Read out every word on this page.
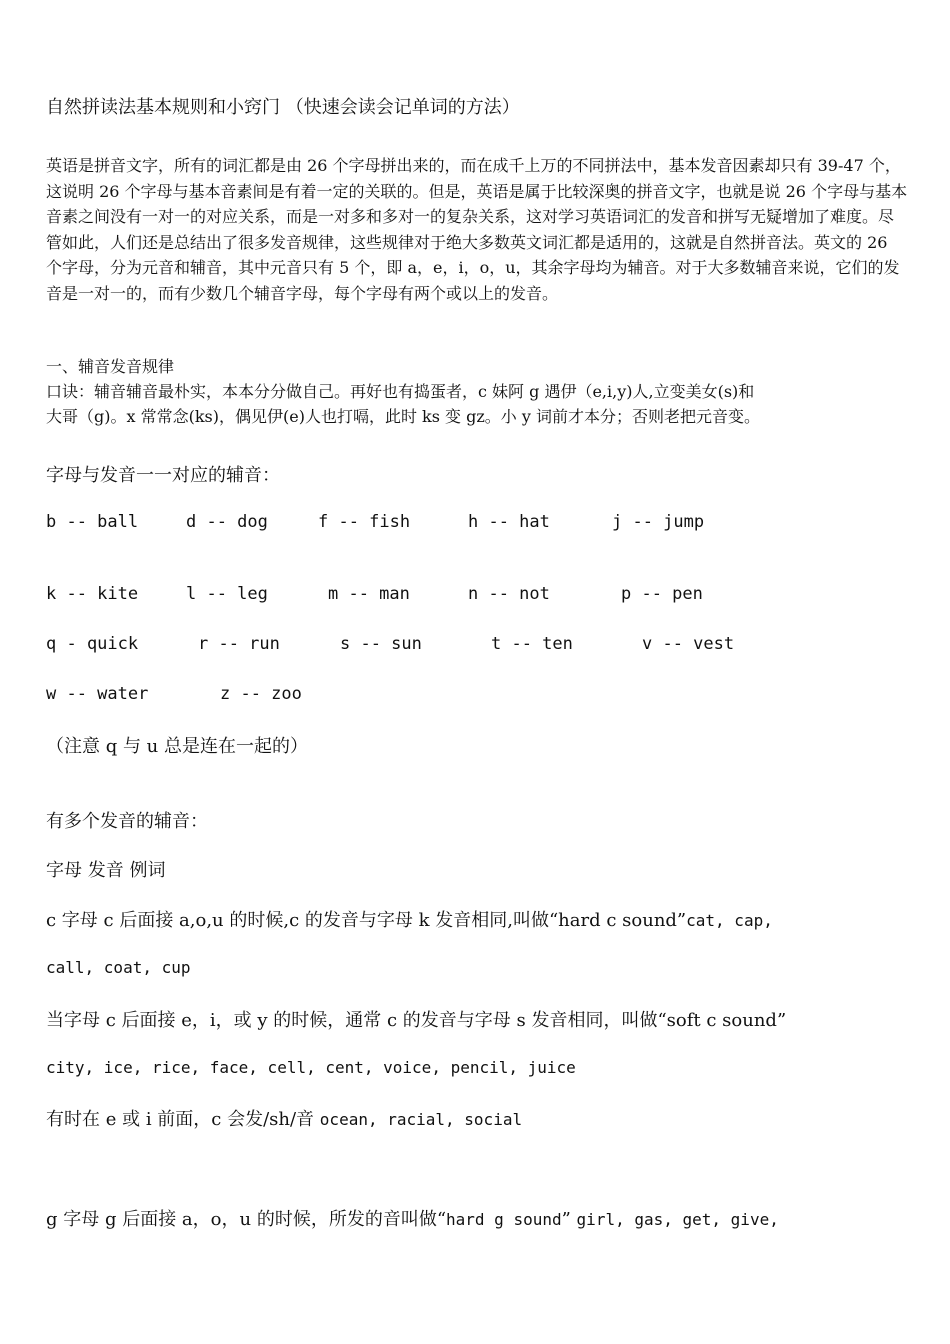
自然拼读法基本规则和小窍门 （快速会读会记单词的方法）

英语是拼音文字，所有的词汇都是由 26 个字母拼出来的，而在成千上万的不同拼法中，基本发音因素却只有 39-47 个，这说明 26 个字母与基本音素间是有着一定的关联的。但是，英语是属于比较深奥的拼音文字，也就是说 26 个字母与基本音素之间没有一对一的对应关系，而是一对多和多对一的复杂关系，这对学习英语词汇的发音和拼写无疑增加了难度。尽管如此，人们还是总结出了很多发音规律，这些规律对于绝大多数英文词汇都是适用的，这就是自然拼音法。英文的 26 个字母，分为元音和辅音，其中元音只有 5 个，即 a，e，i，o，u，其余字母均为辅音。对于大多数辅音来说，它们的发音是一对一的，而有少数几个辅音字母，每个字母有两个或以上的发音。

一、辅音发音规律
口诀：辅音辅音最朴实，本本分分做自己。再好也有捣蛋者，c 妹阿 g 遇伊（e,i,y)人,立变美女(s)和
大哥（g)。x 常常念(ks)，偶见伊(e)人也打嗝，此时 ks 变 gz。小 y 词前才本分；否则老把元音变。
字母与发音一一对应的辅音：
b -- ball	d -- dog	f -- fish	h -- hat	j -- jump
k -- kite	l -- leg	m -- man	n -- not	p -- pen
q - quick	r -- run	s -- sun	t -- ten	v -- vest
w -- water	z -- zoo
（注意 q 与 u 总是连在一起的）
有多个发音的辅音：
字母 发音 例词
c 字母 c 后面接 a,o,u 的时候,c 的发音与字母 k 发音相同,叫做“hard c sound”cat, cap,
call, coat, cup
当字母 c 后面接 e，i，或 y 的时候，通常 c 的发音与字母 s 发音相同，叫做“soft c sound”
city, ice, rice, face, cell, cent, voice, pencil, juice
有时在 e 或 i 前面，c 会发/sh/音 ocean, racial, social
g 字母 g 后面接 a，o，u 的时候，所发的音叫做“hard g sound” girl, gas, get, give,
